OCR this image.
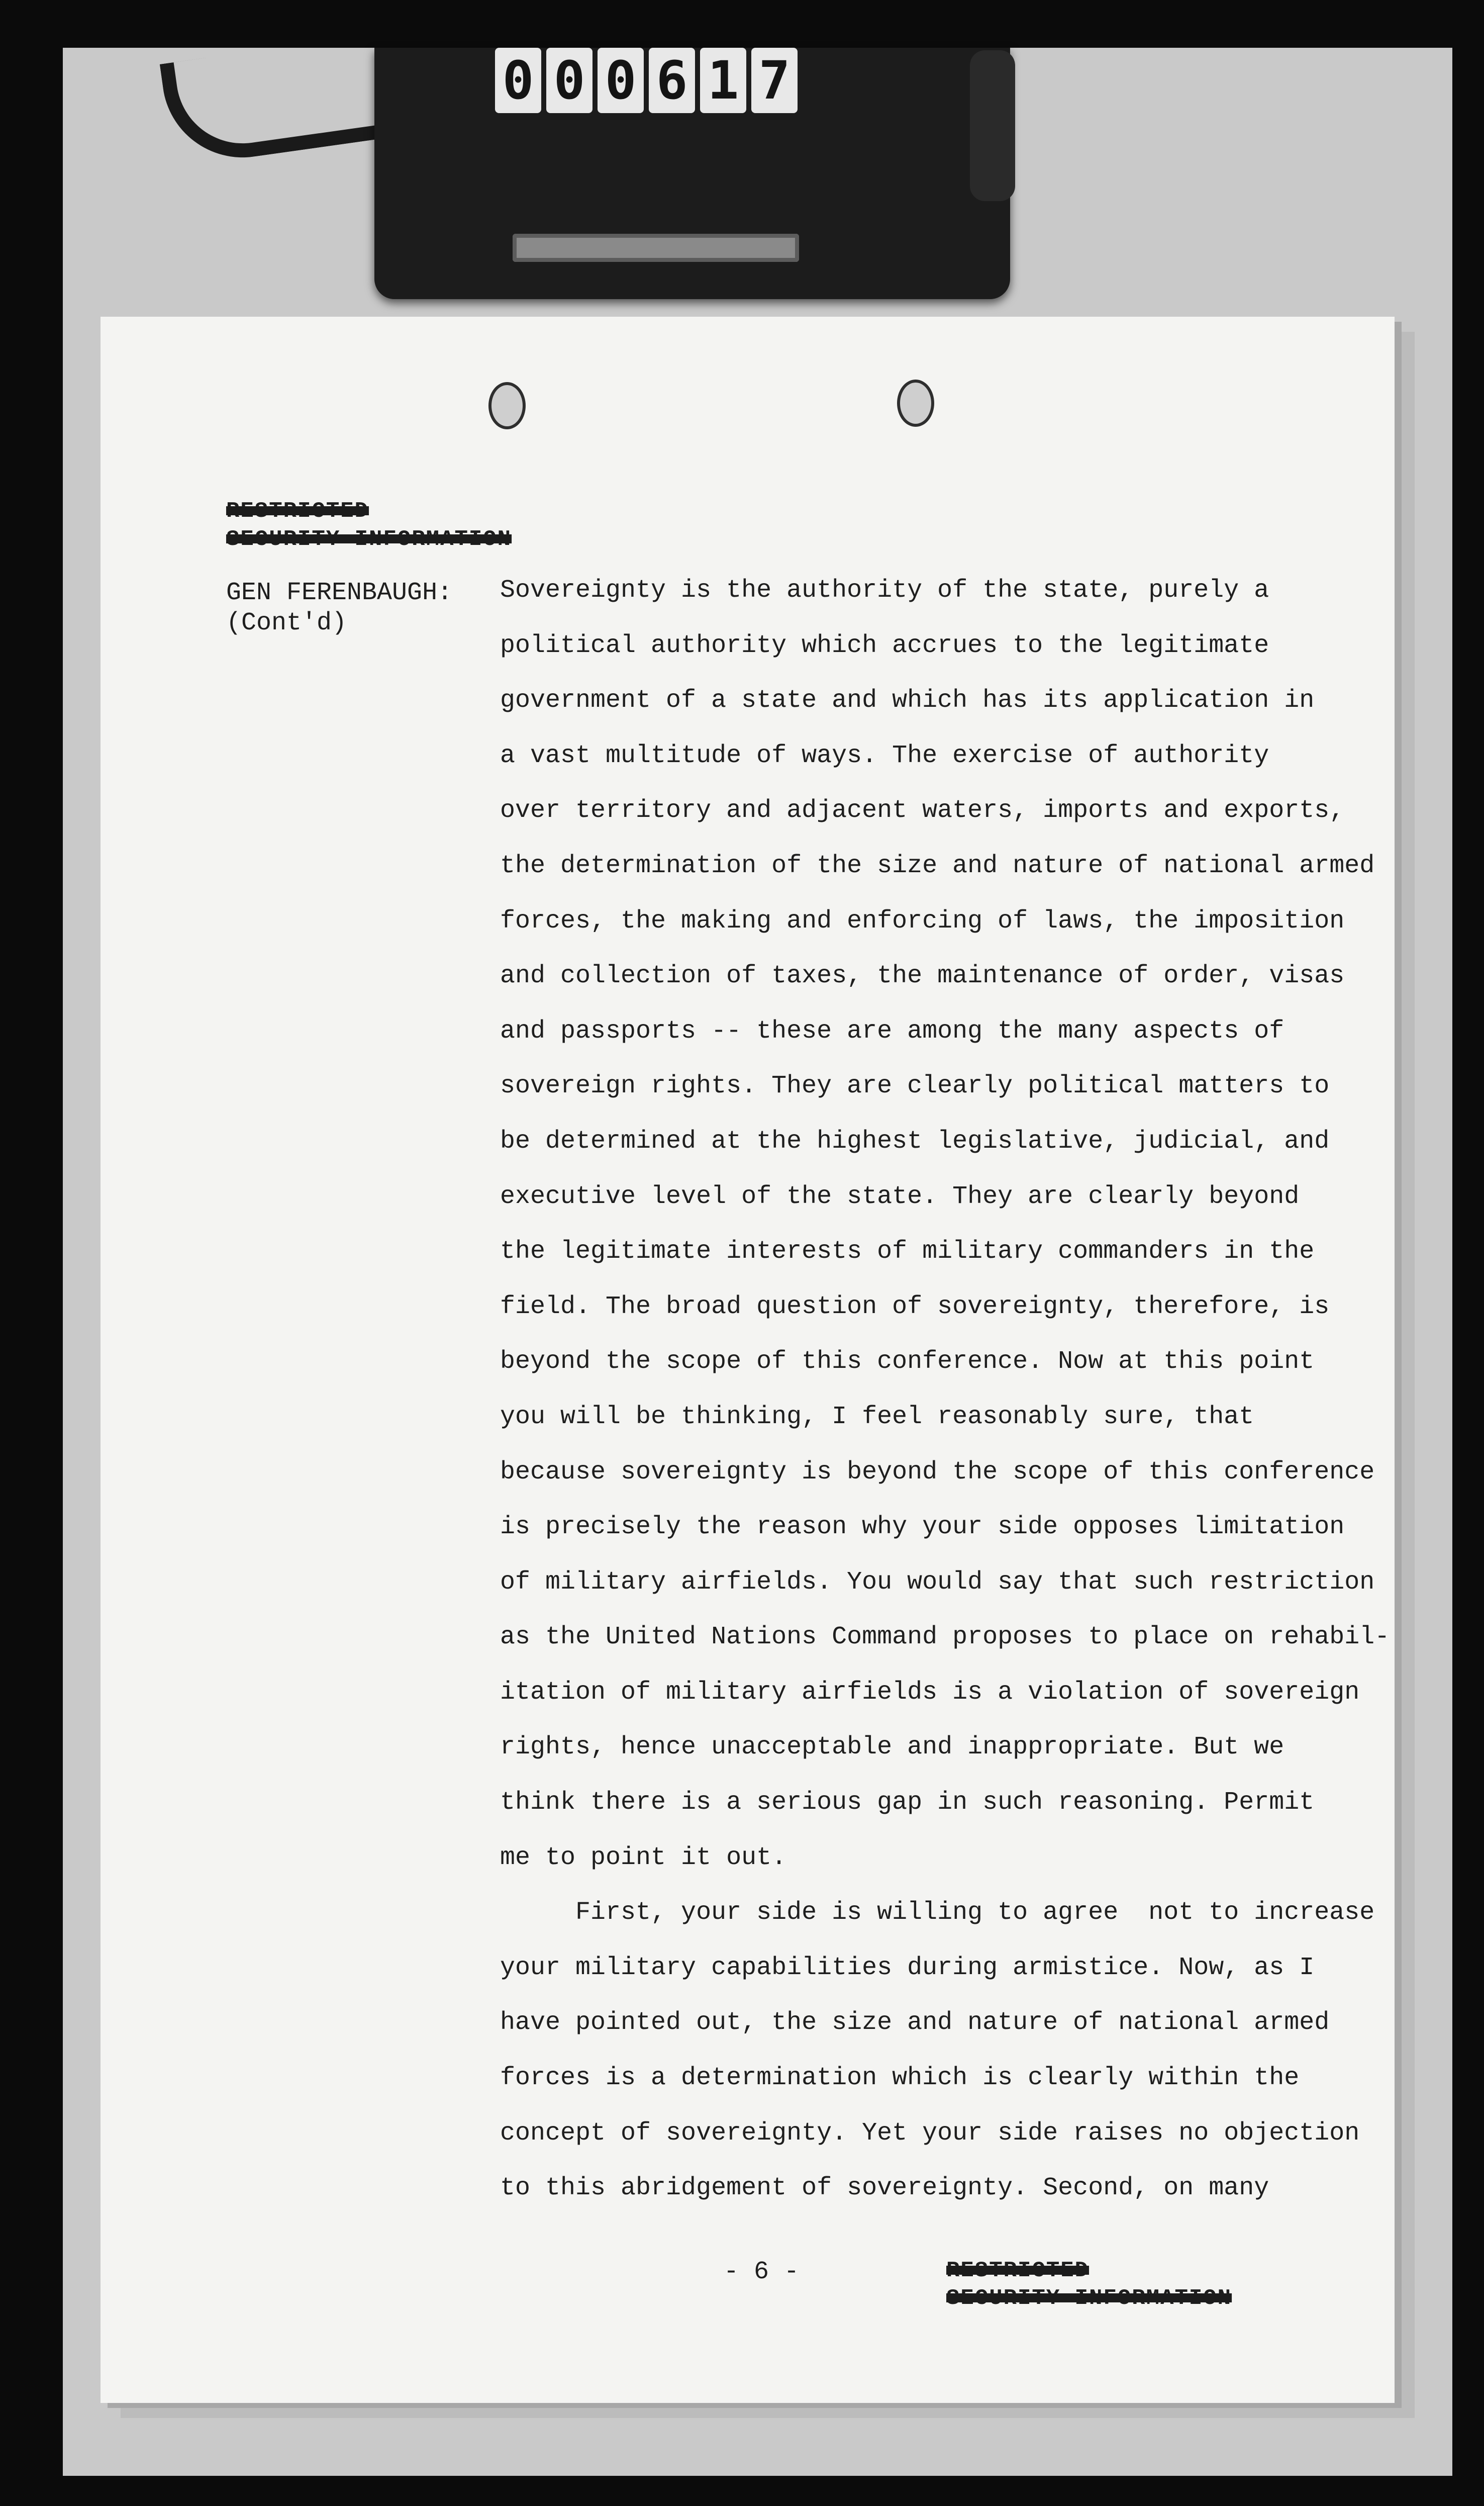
0 0 0 6 1 7
RESTRICTED
SECURITY INFORMATION
GEN FERENBAUGH:
(Cont'd)
Sovereignty is the authority of the state, purely a
political authority which accrues to the legitimate
government of a state and which has its application in
a vast multitude of ways. The exercise of authority
over territory and adjacent waters, imports and exports,
the determination of the size and nature of national armed
forces, the making and enforcing of laws, the imposition
and collection of taxes, the maintenance of order, visas
and passports -- these are among the many aspects of
sovereign rights. They are clearly political matters to
be determined at the highest legislative, judicial, and
executive level of the state. They are clearly beyond
the legitimate interests of military commanders in the
field. The broad question of sovereignty, therefore, is
beyond the scope of this conference. Now at this point
you will be thinking, I feel reasonably sure, that
because sovereignty is beyond the scope of this conference
is precisely the reason why your side opposes limitation
of military airfields. You would say that such restriction
as the United Nations Command proposes to place on rehabil-
itation of military airfields is a violation of sovereign
rights, hence unacceptable and inappropriate. But we
think there is a serious gap in such reasoning. Permit
me to point it out.
First, your side is willing to agree  not to increase
your military capabilities during armistice. Now, as I
have pointed out, the size and nature of national armed
forces is a determination which is clearly within the
concept of sovereignty. Yet your side raises no objection
to this abridgement of sovereignty. Second, on many
- 6 -	RESTRICTED
SECURITY INFORMATION
